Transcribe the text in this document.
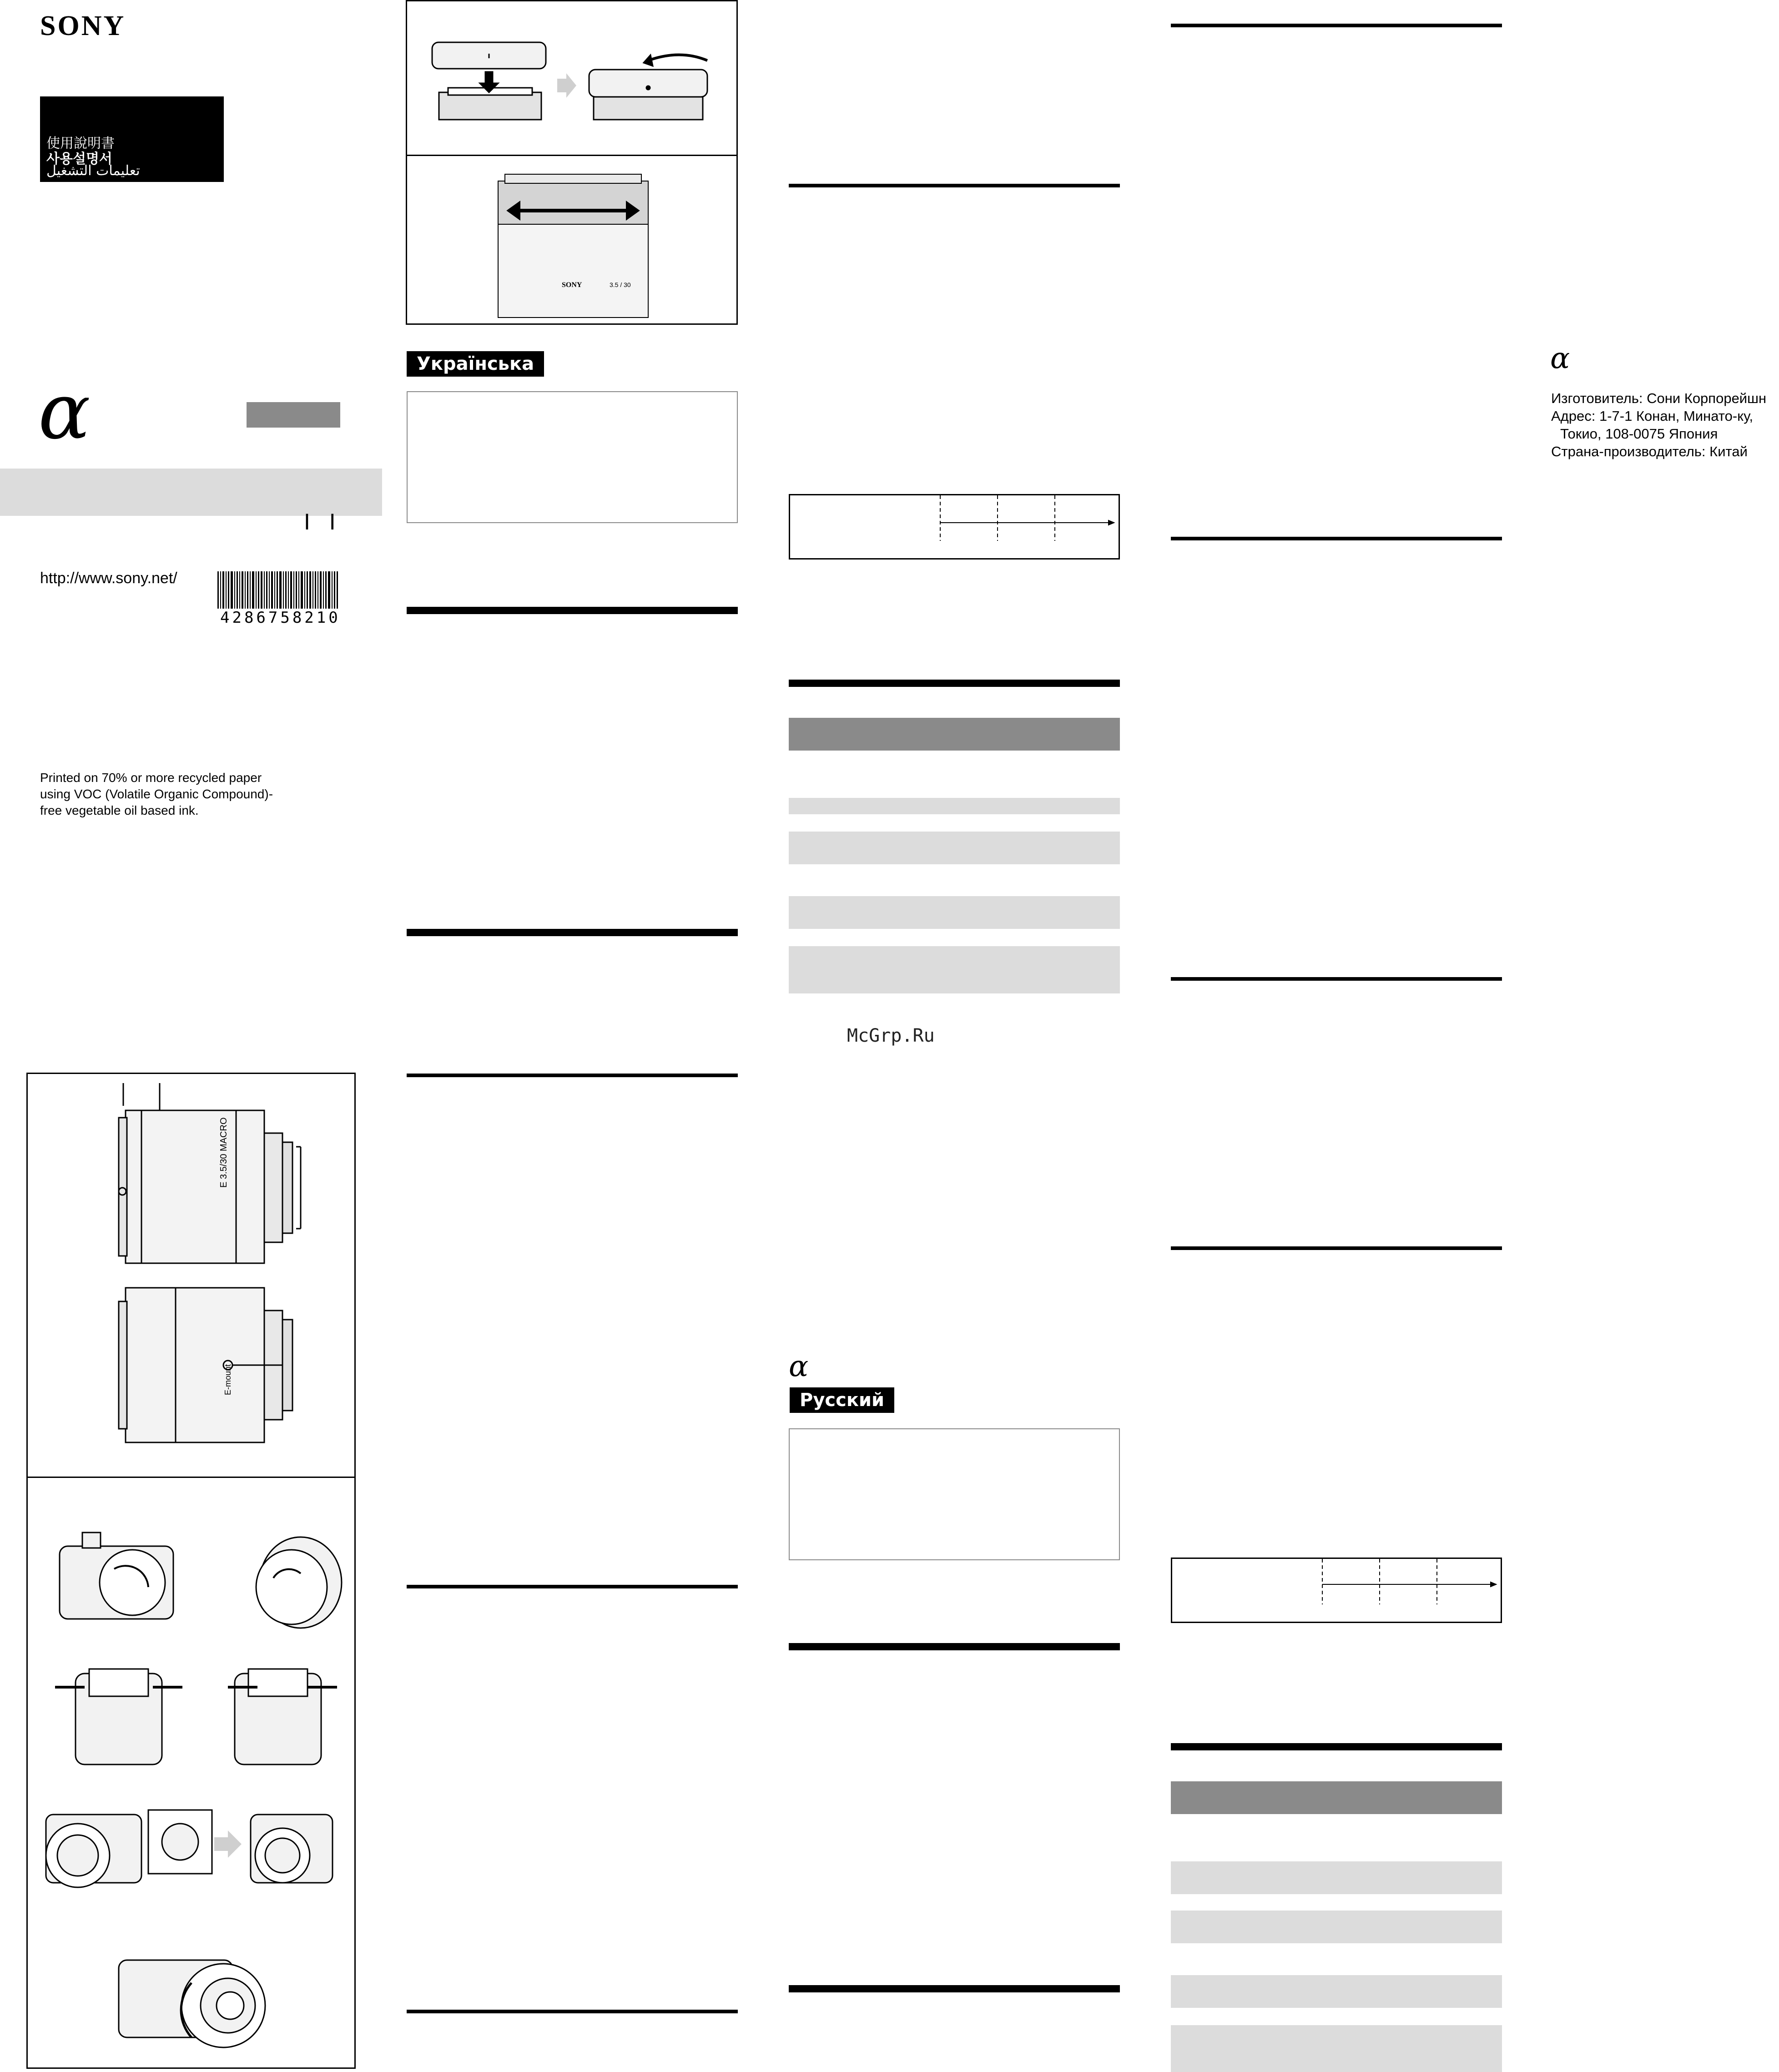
SONY
使用說明書
사용설명서
تعليمات التشغيل
α
I I
http://www.sony.net/
4286758210
Printed on 70% or more recycled paper
using VOC (Volatile Organic Compound)-
free vegetable oil based ink.
E 3.5/30 MACRO
E-mount
SONY	3.5 / 30
Українська
McGrp.Ru
α
Русский
α
Изготовитель: Сони Корпорейшн
Адрес: 1-7-1 Конан, Минато-ку,
Токио, 108-0075 Япония
Страна-производитель: Китай
